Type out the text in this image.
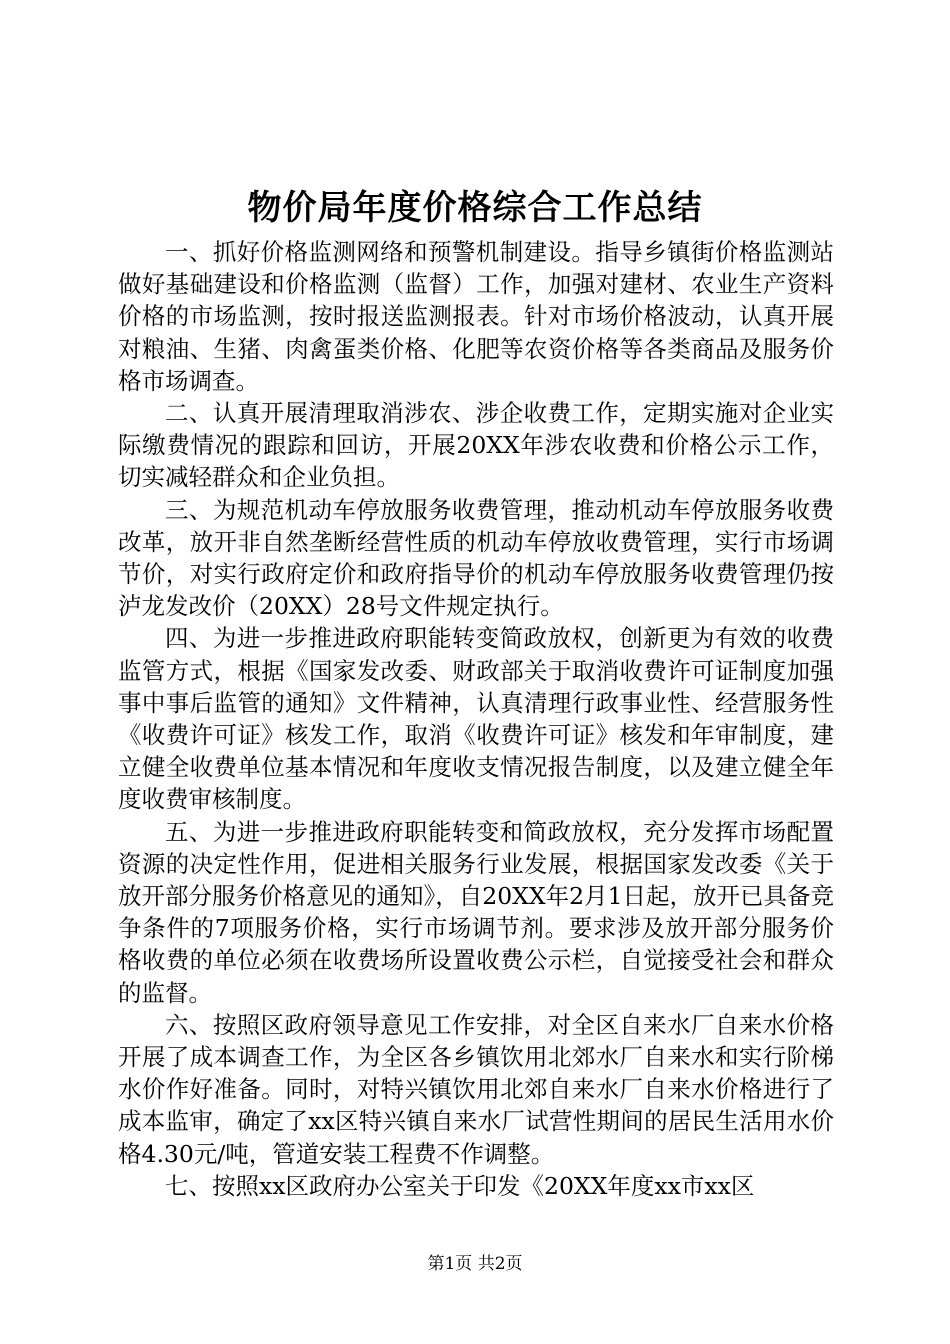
物价局年度价格综合工作总结

一、抓好价格监测网络和预警机制建设。指导乡镇街价格监测站做好基础建设和价格监测（监督）工作，加强对建材、农业生产资料价格的市场监测，按时报送监测报表。针对市场价格波动，认真开展对粮油、生猪、肉禽蛋类价格、化肥等农资价格等各类商品及服务价格市场调查。

二、认真开展清理取消涉农、涉企收费工作，定期实施对企业实际缴费情况的跟踪和回访，开展20XX年涉农收费和价格公示工作，切实减轻群众和企业负担。

三、为规范机动车停放服务收费管理，推动机动车停放服务收费改革，放开非自然垄断经营性质的机动车停放收费管理，实行市场调节价，对实行政府定价和政府指导价的机动车停放服务收费管理仍按泸龙发改价（20XX）28号文件规定执行。

四、为进一步推进政府职能转变简政放权，创新更为有效的收费监管方式，根据《国家发改委、财政部关于取消收费许可证制度加强事中事后监管的通知》文件精神，认真清理行政事业性、经营服务性《收费许可证》核发工作，取消《收费许可证》核发和年审制度，建立健全收费单位基本情况和年度收支情况报告制度，以及建立健全年度收费审核制度。

五、为进一步推进政府职能转变和简政放权，充分发挥市场配置资源的决定性作用，促进相关服务行业发展，根据国家发改委《关于放开部分服务价格意见的通知》，自20XX年2月1日起，放开已具备竞争条件的7项服务价格，实行市场调节剂。要求涉及放开部分服务价格收费的单位必须在收费场所设置收费公示栏，自觉接受社会和群众的监督。

六、按照区政府领导意见工作安排，对全区自来水厂自来水价格开展了成本调查工作，为全区各乡镇饮用北郊水厂自来水和实行阶梯水价作好准备。同时，对特兴镇饮用北郊自来水厂自来水价格进行了成本监审，确定了xx区特兴镇自来水厂试营性期间的居民生活用水价格4.30元/吨，管道安装工程费不作调整。

七、按照xx区政府办公室关于印发《20XX年度xx市xx区

第1页 共2页
